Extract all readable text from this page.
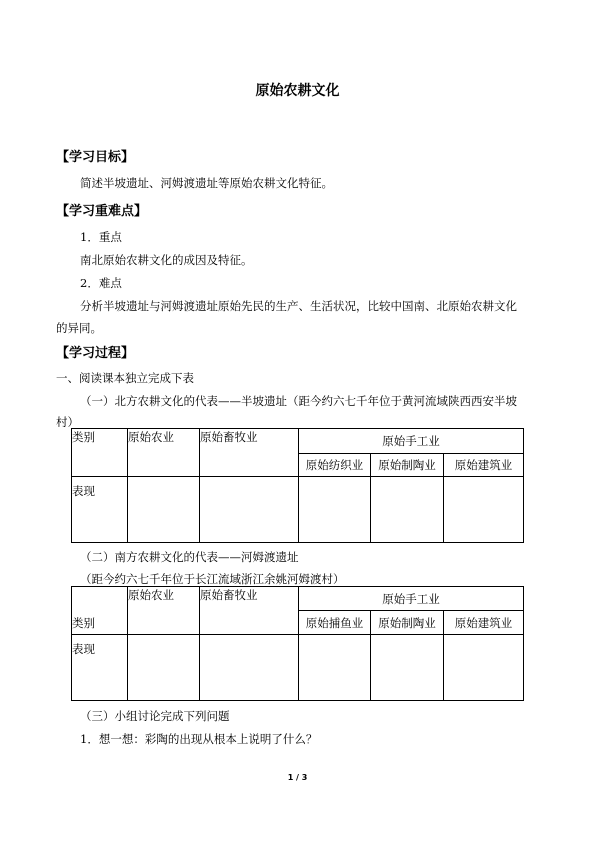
原始农耕文化
【学习目标】
简述半坡遗址、河姆渡遗址等原始农耕文化特征。
【学习重难点】
1．重点
南北原始农耕文化的成因及特征。
2．难点
分析半坡遗址与河姆渡遗址原始先民的生产、生活状况，比较中国南、北原始农耕文化
的异同。
【学习过程】
一、阅读课本独立完成下表
（一）北方农耕文化的代表——半坡遗址（距今约六七千年位于黄河流域陕西西安半坡
村）
类别	原始农业	原始畜牧业	原始手工业		
			原始纺织业	原始制陶业	原始建筑业
表现					
（二）南方农耕文化的代表——河姆渡遗址
（距今约六七千年位于长江流域浙江余姚河姆渡村）
类别	原始农业	原始畜牧业	原始手工业		
			原始捕鱼业	原始制陶业	原始建筑业
表现					
（三）小组讨论完成下列问题
1．想一想：彩陶的出现从根本上说明了什么？
1 / 3
